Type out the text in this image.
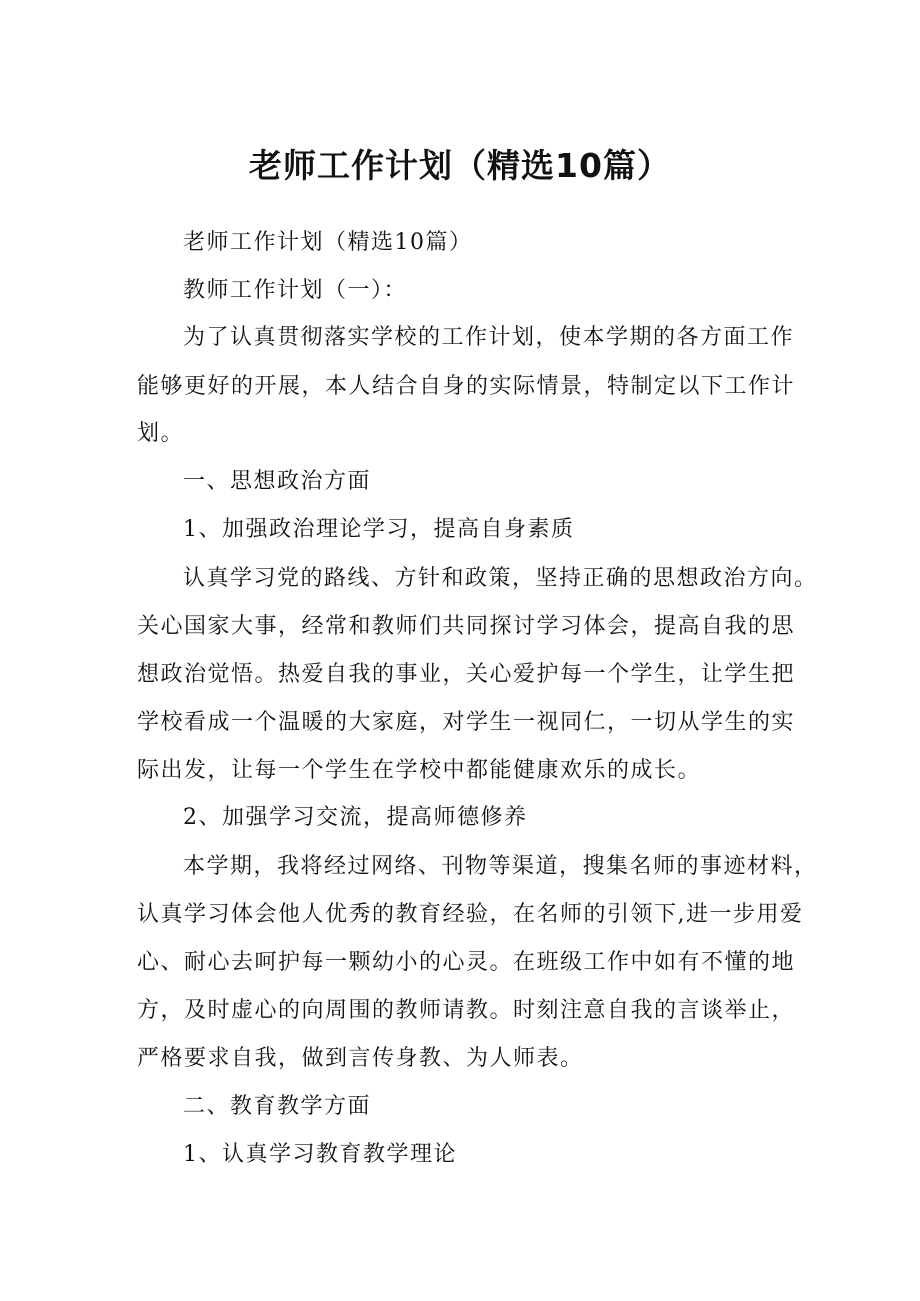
老师工作计划（精选10篇）
老师工作计划（精选10篇）
教师工作计划（一）：
为了认真贯彻落实学校的工作计划，使本学期的各方面工作
能够更好的开展，本人结合自身的实际情景，特制定以下工作计
划。
一、思想政治方面
1、加强政治理论学习，提高自身素质
认真学习党的路线、方针和政策，坚持正确的思想政治方向。
关心国家大事，经常和教师们共同探讨学习体会，提高自我的思
想政治觉悟。热爱自我的事业，关心爱护每一个学生，让学生把
学校看成一个温暖的大家庭，对学生一视同仁，一切从学生的实
际出发，让每一个学生在学校中都能健康欢乐的成长。
2、加强学习交流，提高师德修养
本学期，我将经过网络、刊物等渠道，搜集名师的事迹材料，
认真学习体会他人优秀的教育经验，在名师的引领下,进一步用爱
心、耐心去呵护每一颗幼小的心灵。在班级工作中如有不懂的地
方，及时虚心的向周围的教师请教。时刻注意自我的言谈举止，
严格要求自我，做到言传身教、为人师表。
二、教育教学方面
1、认真学习教育教学理论
